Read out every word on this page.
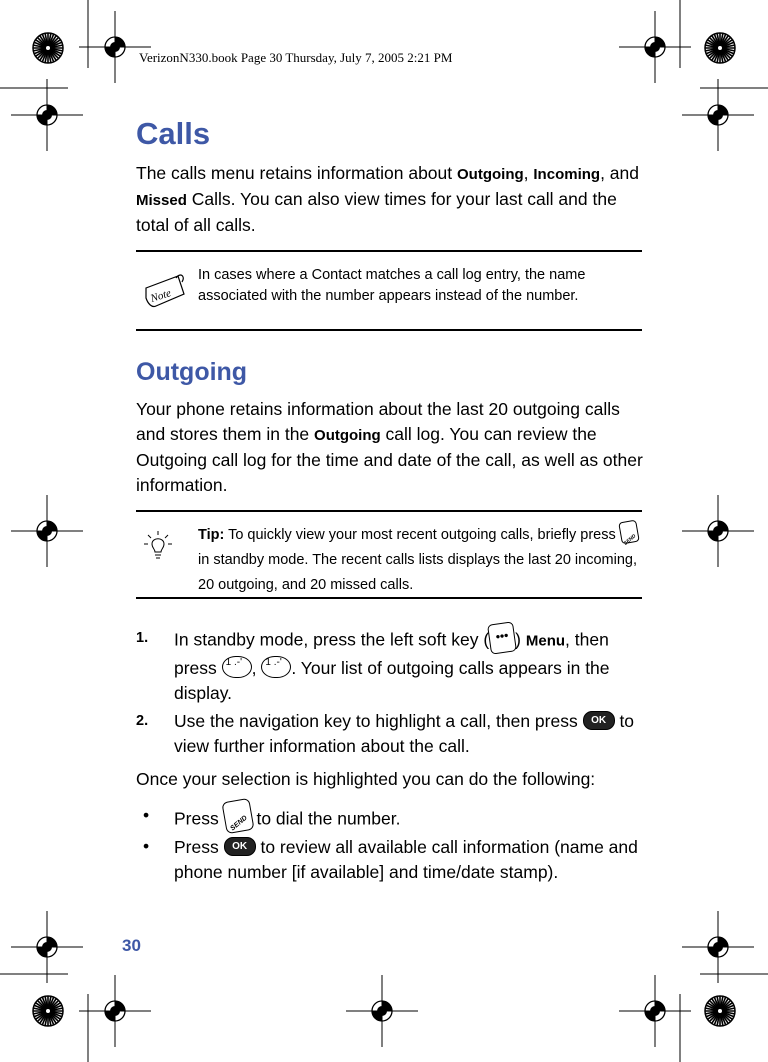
VerizonN330.book Page 30 Thursday, July 7, 2005 2:21 PM
Calls

The calls menu retains information about Outgoing, Incoming, and Missed Calls. You can also view times for your last call and the total of all calls.

Note
In cases where a Contact matches a call log entry, the name associated with the number appears instead of the number.
Outgoing

Your phone retains information about the last 20 outgoing calls and stores them in the Outgoing call log. You can review the Outgoing call log for the time and date of the call, as well as other information.

Tip: To quickly view your most recent outgoing calls, briefly press SEND
in standby mode. The recent calls lists displays the last 20 incoming, 20 outgoing, and 20 missed calls.
1. In standby mode, press the left soft key ( ••• ) Menu, then press 1 .-' , 1 .-' . Your list of outgoing calls appears in the display.
2. Use the navigation key to highlight a call, then press OK to view further information about the call.

Once your selection is highlighted you can do the following:

• Press SEND to dial the number.
• Press OK to review all available call information (name and phone number [if available] and time/date stamp).
30
